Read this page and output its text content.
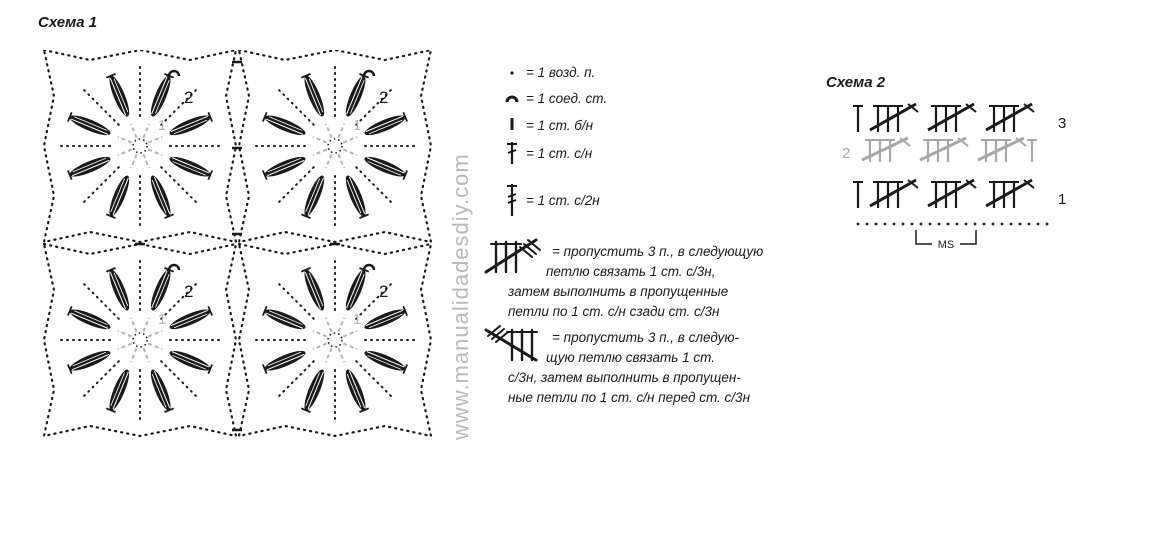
Схема 1
Схема 2
2
1
2
1
2
1
2
1	www.manualidadesdiy.com
= 1 возд. п.
= 1 соед. ст.
= 1 ст. б/н
= 1 ст. с/н
= 1 ст. с/2н
= пропустить 3 п., в следующую
петлю связать 1 ст. с/3н,
затем выполнить в пропущенные
петли по 1 ст. с/н сзади ст. с/3н
= пропустить 3 п., в следую-
щую петлю связать 1 ст.
с/3н, затем выполнить в пропущен-
ные петли по 1 ст. с/н перед ст. с/3н
3
2
1
MS
